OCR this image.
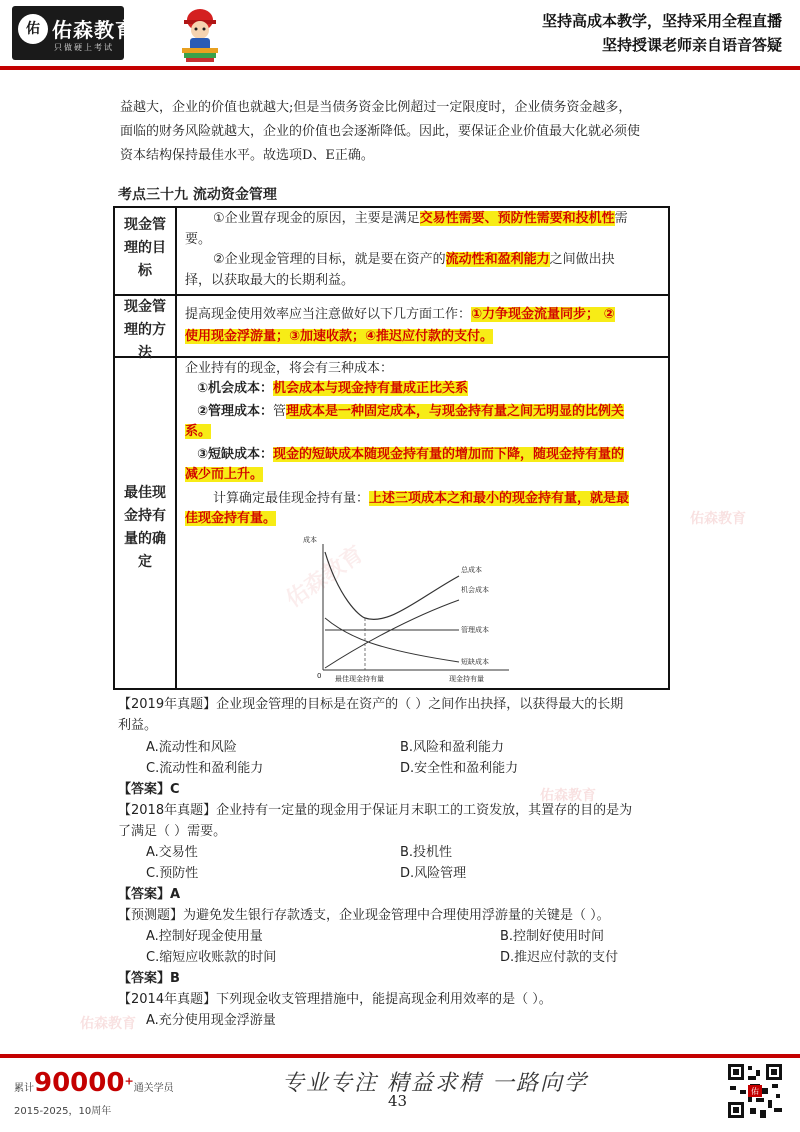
佑 佑森教育
只做硬上考试
坚持高成本教学，坚持采用全程直播
坚持授课老师亲自语音答疑
佑森教育
佑森教育
佑森教育
佑森教育
益越大，企业的价值也就越大;但是当债务资金比例超过一定限度时，企业债务资金越多，
面临的财务风险就越大，企业的价值也会逐渐降低。因此，要保证企业价值最大化就必须使
资本结构保持最佳水平。故选项D、E正确。
考点三十九 流动资金管理
现金管
理的目
标
①企业置存现金的原因，主要是满足交易性需要、预防性需要和投机性需
要。
②企业现金管理的目标，就是要在资产的流动性和盈利能力之间做出抉
择，以获取最大的长期利益。
现金管
理的方
法
提高现金使用效率应当注意做好以下几方面工作：①力争现金流量同步； ②
使用现金浮游量；③加速收款；④推迟应付款的支付。
最佳现
金持有
量的确
定
企业持有的现金，将会有三种成本：
①机会成本：机会成本与现金持有量成正比关系
②管理成本：管理成本是一种固定成本，与现金持有量之间无明显的比例关
系。
③短缺成本：现金的短缺成本随现金持有量的增加而下降，随现金持有量的
减少而上升。
计算确定最佳现金持有量：上述三项成本之和最小的现金持有量，就是最
佳现金持有量。
成本
0 最佳现金持有量	现金持有量
总成本
机会成本
管理成本
短缺成本
【2019年真题】企业现金管理的目标是在资产的（ ）之间作出抉择，以获得最大的长期
利益。
A.流动性和风险	B.风险和盈利能力
C.流动性和盈利能力	D.安全性和盈利能力
【答案】C
【2018年真题】企业持有一定量的现金用于保证月末职工的工资发放，其置存的目的是为
了满足（ ）需要。
A.交易性	B.投机性
C.预防性	D.风险管理
【答案】A
【预测题】为避免发生银行存款透支，企业现金管理中合理使用浮游量的关键是（ ）。
A.控制好现金使用量	B.控制好使用时间
C.缩短应收账款的时间	D.推迟应付款的支付
【答案】B
【2014年真题】下列现金收支管理措施中，能提高现金利用效率的是（ ）。
A.充分使用现金浮游量
累计90000+通关学员
2015-2025，10周年
专业专注 精益求精 一路向学
43
佑
